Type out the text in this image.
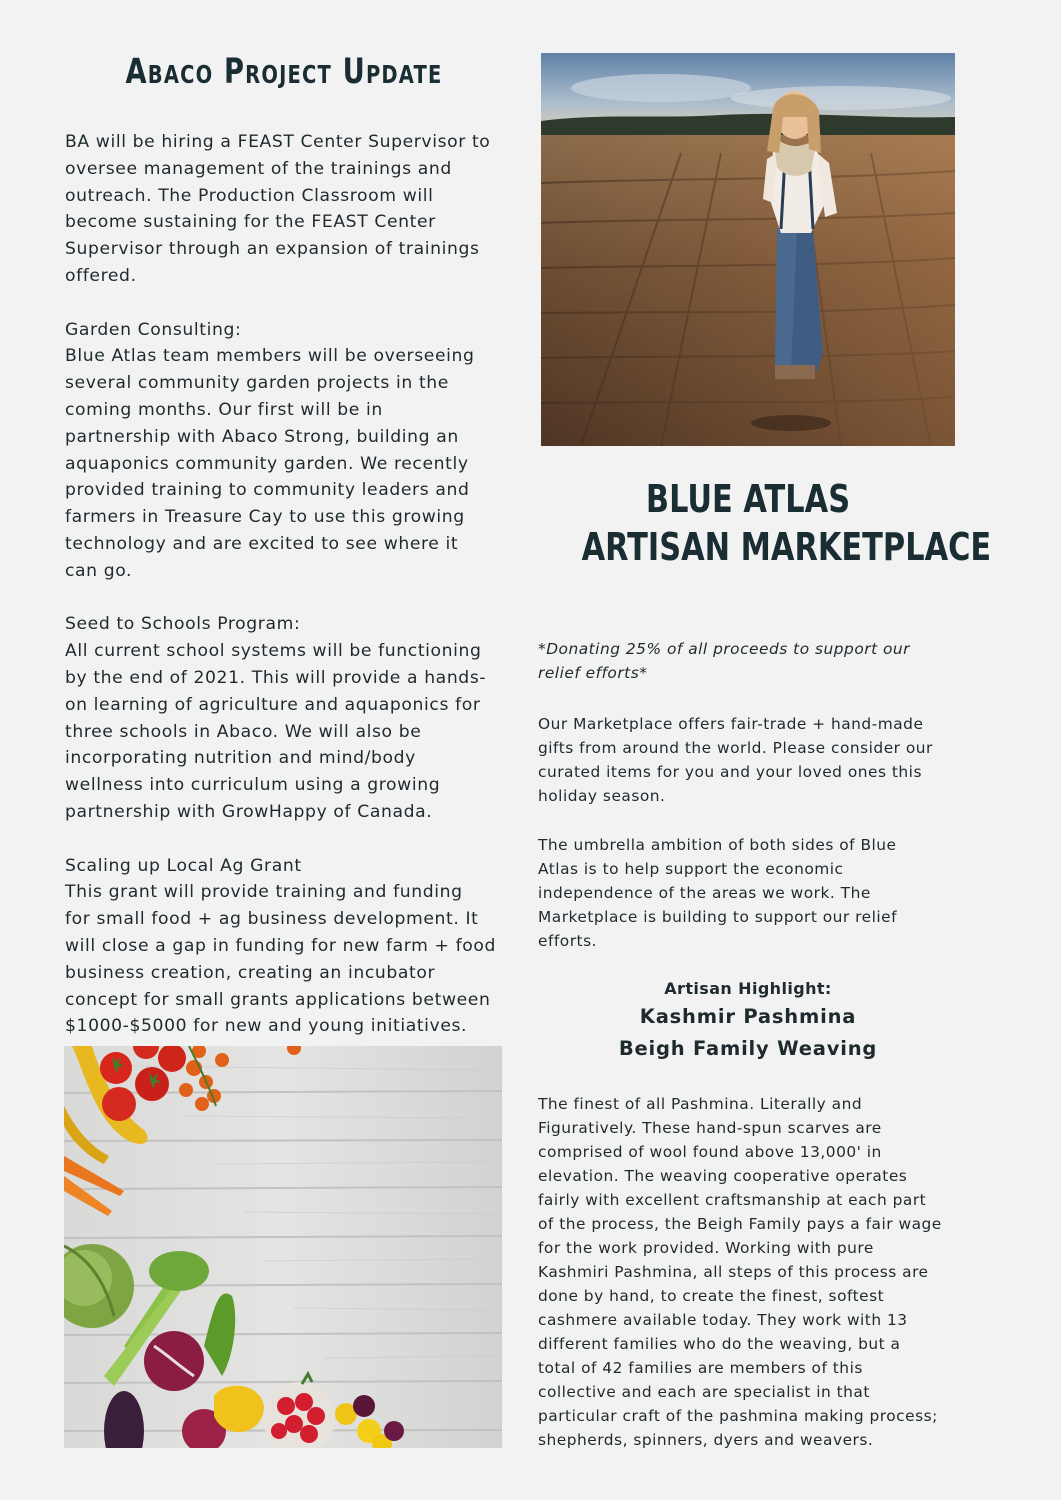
Abaco Project Update

BA will be hiring a FEAST Center Supervisor to

oversee management of the trainings and

outreach. The Production Classroom will

become sustaining for the FEAST Center

Supervisor through an expansion of trainings

offered.

Garden Consulting:

Blue Atlas team members will be overseeing

several community garden projects in the

coming months. Our first will be in

partnership with Abaco Strong, building an

aquaponics community garden. We recently

provided training to community leaders and

farmers in Treasure Cay to use this growing

technology and are excited to see where it

can go.

Seed to Schools Program:

All current school systems will be functioning

by the end of 2021. This will provide a hands-

on learning of agriculture and aquaponics for

three schools in Abaco. We will also be

incorporating nutrition and mind/body

wellness into curriculum using a growing

partnership with GrowHappy of Canada.

Scaling up Local Ag Grant

This grant will provide training and funding

for small food + ag business development. It

will close a gap in funding for new farm + food

business creation, creating an incubator

concept for small grants applications between

$1000-$5000 for new and young initiatives.

BLUE ATLAS
ARTISAN MARKETPLACE

*Donating 25% of all proceeds to support our

relief efforts*

Our Marketplace offers fair-trade + hand-made

gifts from around the world. Please consider our

curated items for you and your loved ones this

holiday season.

The umbrella ambition of both sides of Blue

Atlas is to help support the economic

independence of the areas we work. The

Marketplace is building to support our relief

efforts.

Artisan Highlight:
Kashmir Pashmina
Beigh Family Weaving

The finest of all Pashmina. Literally and

Figuratively. These hand-spun scarves are

comprised of wool found above 13,000' in

elevation. The weaving cooperative operates

fairly with excellent craftsmanship at each part

of the process, the Beigh Family pays a fair wage

for the work provided. Working with pure

Kashmiri Pashmina, all steps of this process are

done by hand, to create the finest, softest

cashmere available today. They work with 13

different families who do the weaving, but a

total of 42 families are members of this

collective and each are specialist in that

particular craft of the pashmina making process;

shepherds, spinners, dyers and weavers.
